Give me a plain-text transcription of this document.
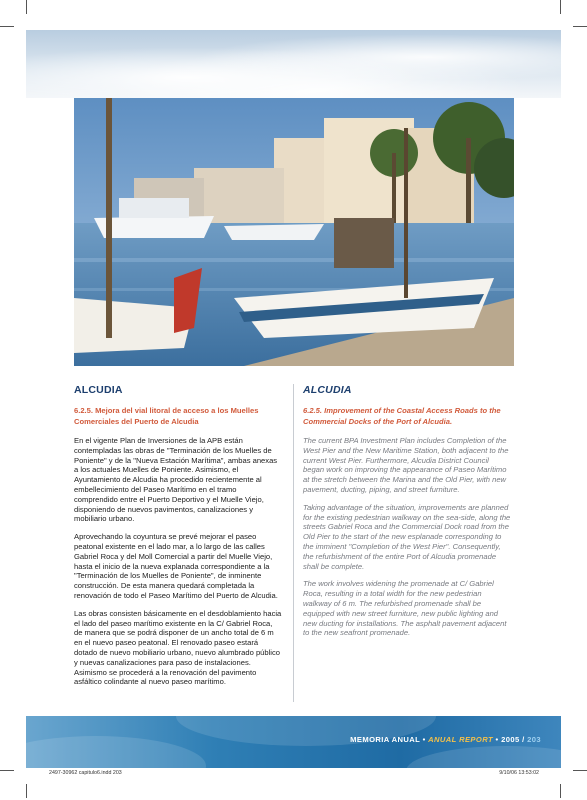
ALCUDIA
6.2.5. Mejora del vial litoral de acceso a los Muelles Comerciales del Puerto de Alcudia

En el vigente Plan de Inversiones de la APB están contempladas las obras de "Terminación de los Muelles de Poniente" y de la "Nueva Estación Marítima", ambas anexas a los actuales Muelles de Poniente. Asimismo, el Ayuntamiento de Alcudia ha procedido recientemente al embellecimiento del Paseo Marítimo en el tramo comprendido entre el Puerto Deportivo y el Muelle Viejo, disponiendo de nuevos pavimentos, canalizaciones y mobiliario urbano.

Aprovechando la coyuntura se prevé mejorar el paseo peatonal existente en el lado mar, a lo largo de las calles Gabriel Roca y del Moll Comercial a partir del Muelle Viejo, hasta el inicio de la nueva explanada correspondiente a la "Terminación de los Muelles de Poniente", de inminente construcción. De esta manera quedará completada la renovación de todo el Paseo Marítimo del Puerto de Alcudia.

Las obras consisten básicamente en el desdoblamiento hacia el lado del paseo marítimo existente en la C/ Gabriel Roca, de manera que se podrá disponer de un ancho total de 6 m en el nuevo paseo peatonal. El renovado paseo estará dotado de nuevo mobiliario urbano, nuevo alumbrado público y nuevas canalizaciones para paso de instalaciones. Asimismo se procederá a la renovación del pavimento asfáltico colindante al nuevo paseo marítimo.

ALCUDIA
6.2.5. Improvement of the Coastal Access Roads to the Commercial Docks of the Port of Alcudia.

The current BPA Investment Plan includes Completion of the West Pier and the New Maritime Station, both adjacent to the current West Pier. Furthermore, Alcudia District Council began work on improving the appearance of Paseo Marítimo at the stretch between the Marina and the Old Pier, with new pavement, ducting, piping, and street furniture.

Taking advantage of the situation, improvements are planned for the existing pedestrian walkway on the sea-side, along the streets Gabriel Roca and the Commercial Dock road from the Old Pier to the start of the new esplanade corresponding to the imminent "Completion of the West Pier". Consequently, the refurbishment of the entire Port of Alcudia promenade shall be complete.

The work involves widening the promenade at C/ Gabriel Roca, resulting in a total width for the new pedestrian walkway of 6 m. The refurbished promenade shall be equipped with new street furniture, new public lighting and new ducting for installations. The asphalt pavement adjacent to the new seafront promenade.

MEMORIA ANUAL • ANUAL REPORT • 2005 / 203
2497-30962 capitulo6.indd 203	9/10/06 13:53:02
